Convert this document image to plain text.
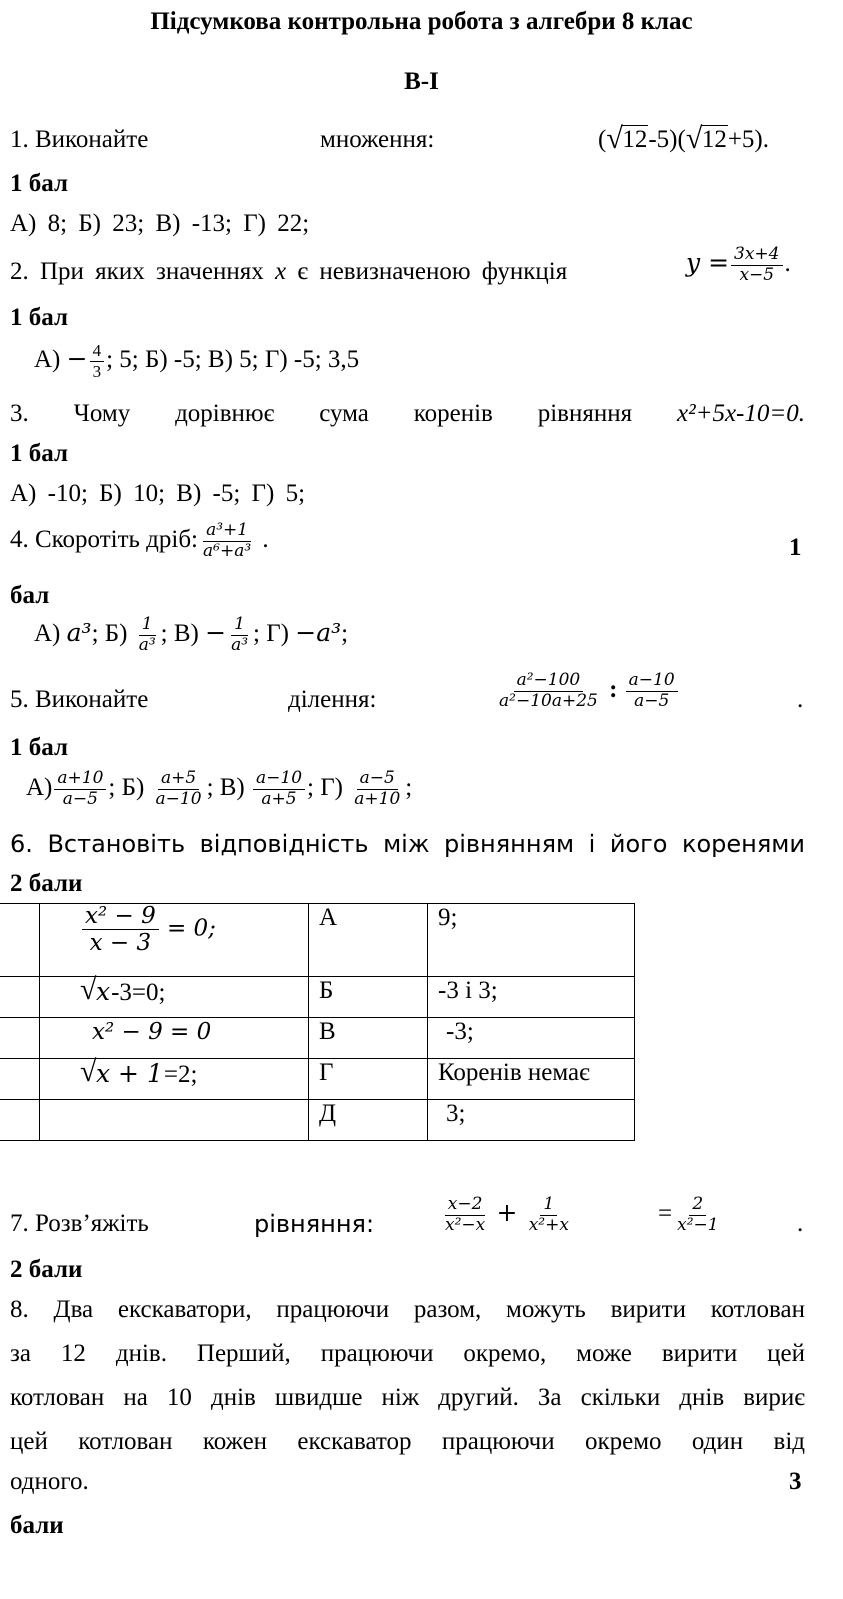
Підсумкова контрольна робота з алгебри 8 клас
В-І
1. Виконайте	множення:	( √ 12-5)( √ 12+5).
1 бал
А) 8; Б) 23; В) -13; Г) 22;
2. При яких значеннях x є невизначеною функція	$y = \frac{3x+4}{x-5}$ .
1 бал
$А) - \frac{4}{3}$ ; 5; Б) -5; В) 5; Г) -5; 3,5
3. Чому дорівнює сума коренів рівняння x²+5x-10=0.
1 бал
А) -10; Б) 10; В) -5; Г) 5;
4. Скоротіть дріб: $\frac{\text{a³+1}}{\text{a⁶+a³}}$ .	1
бал
А) a³; $Б) \frac{1}{\text{a³}}$ ; $В) - \frac{1}{\text{a³}}$ ; Г) −a³;
5. Виконайте	ділення:	$\frac{\text{a²−100}}{\text{a²−10a+25}}$ : $\frac{a-10}{a-5}$	.
1 бал
$А) \frac{a+10}{a-5}$ ; $Б) \frac{a+5}{a-10}$ ; $В) \frac{a-10}{a+5}$ ; $Г) \frac{a-5}{a+10}$ ;
6. Встановіть відповідність між рівнянням і його коренями
2 бали

	$\frac{\text{x² − 9}}{x - 3} = 0$;	А	9;

	√ x-3=0;	Б	-3 і 3;
	x² − 9 = 0	В	-3;

	√ x + 1=2;	Г	Коренів немає
		Д	3;
7. Розв’яжіть	рівняння:	$\frac{x-2}{\text{x²−x}} + \frac{1}{\text{x²+x}}$	= $\frac{2}{\text{x²−1}}$	.
2 бали
8. Два екскаватори, працюючи разом, можуть вирити котлован
за 12 днів. Перший, працюючи окремо, може вирити цей
котлован на 10 днів швидше ніж другий. За скільки днів вириє
цей котлован кожен екскаватор працюючи окремо один від
одного.	3
бали
